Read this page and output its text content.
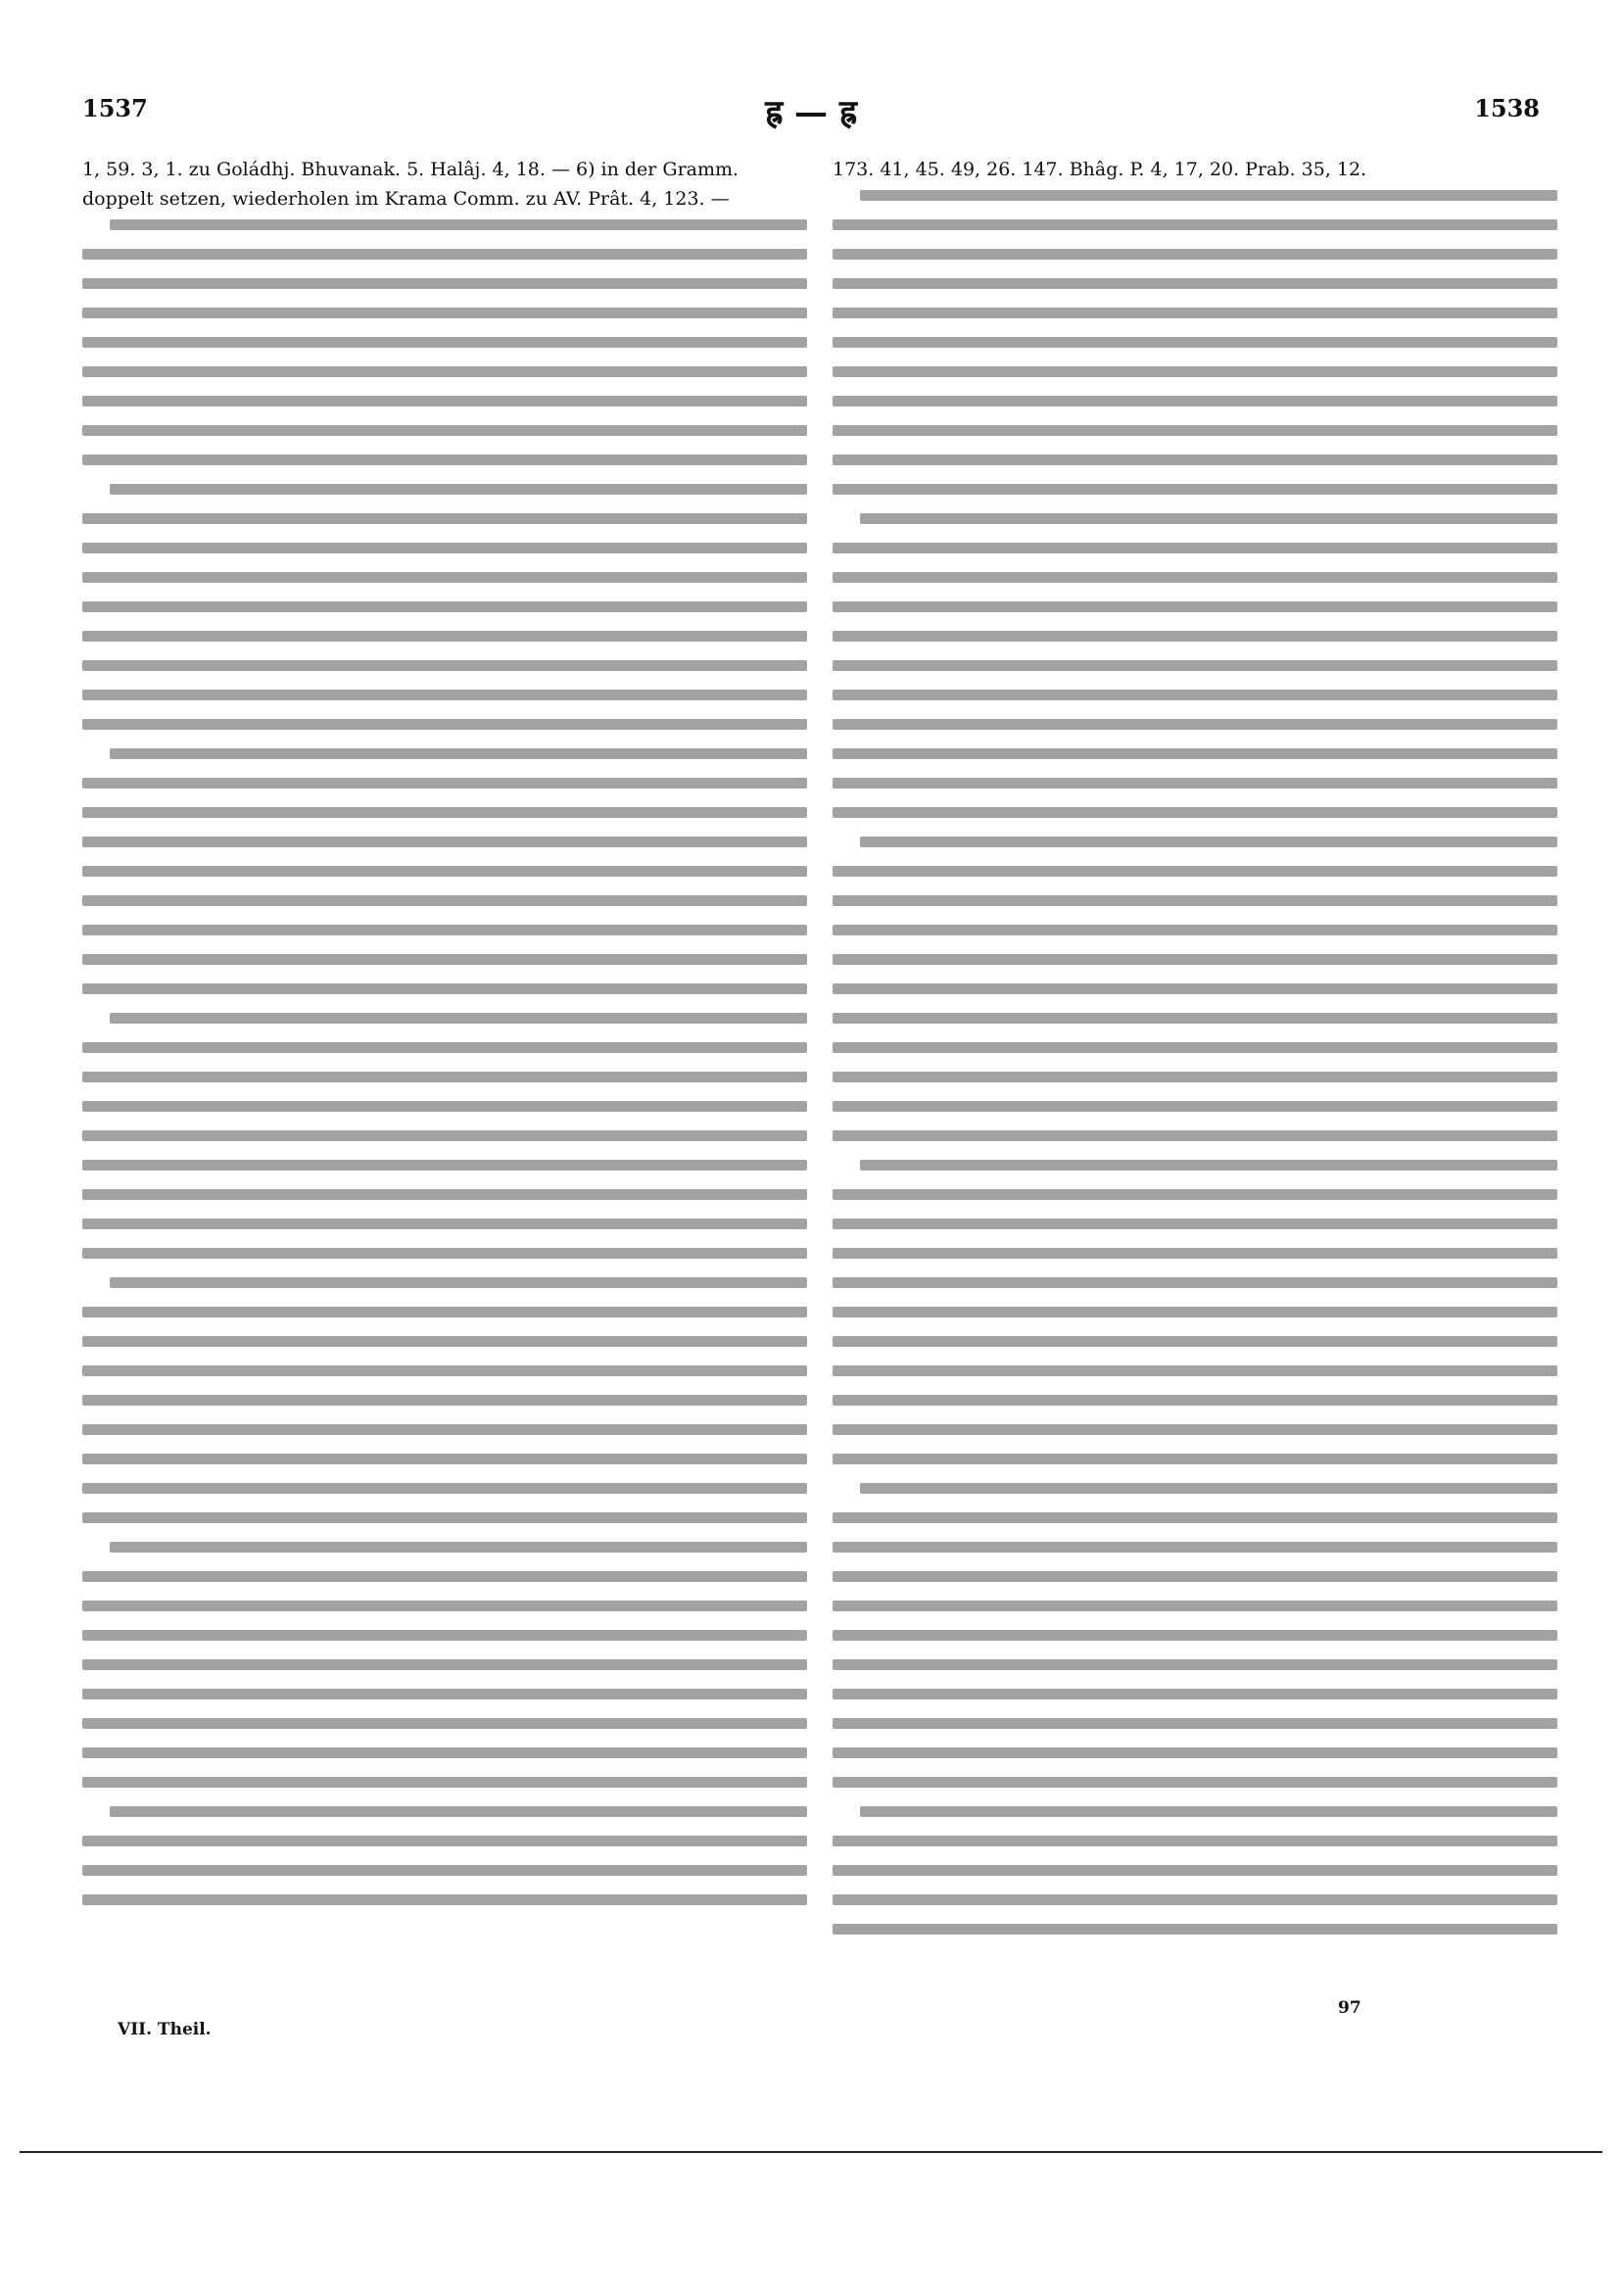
1537	ह्र — ह्र	1538

1, 59. 3, 1. zu Goládhj. Bhuvanak. 5. Halâj. 4, 18. — 6) in der Gramm.

doppelt setzen, wiederholen im Krama Comm. zu AV. Prât. 4, 123. —

173. 41, 45. 49, 26. 147. Bhâg. P. 4, 17, 20. Prab. 35, 12.

VII. Theil.
97
